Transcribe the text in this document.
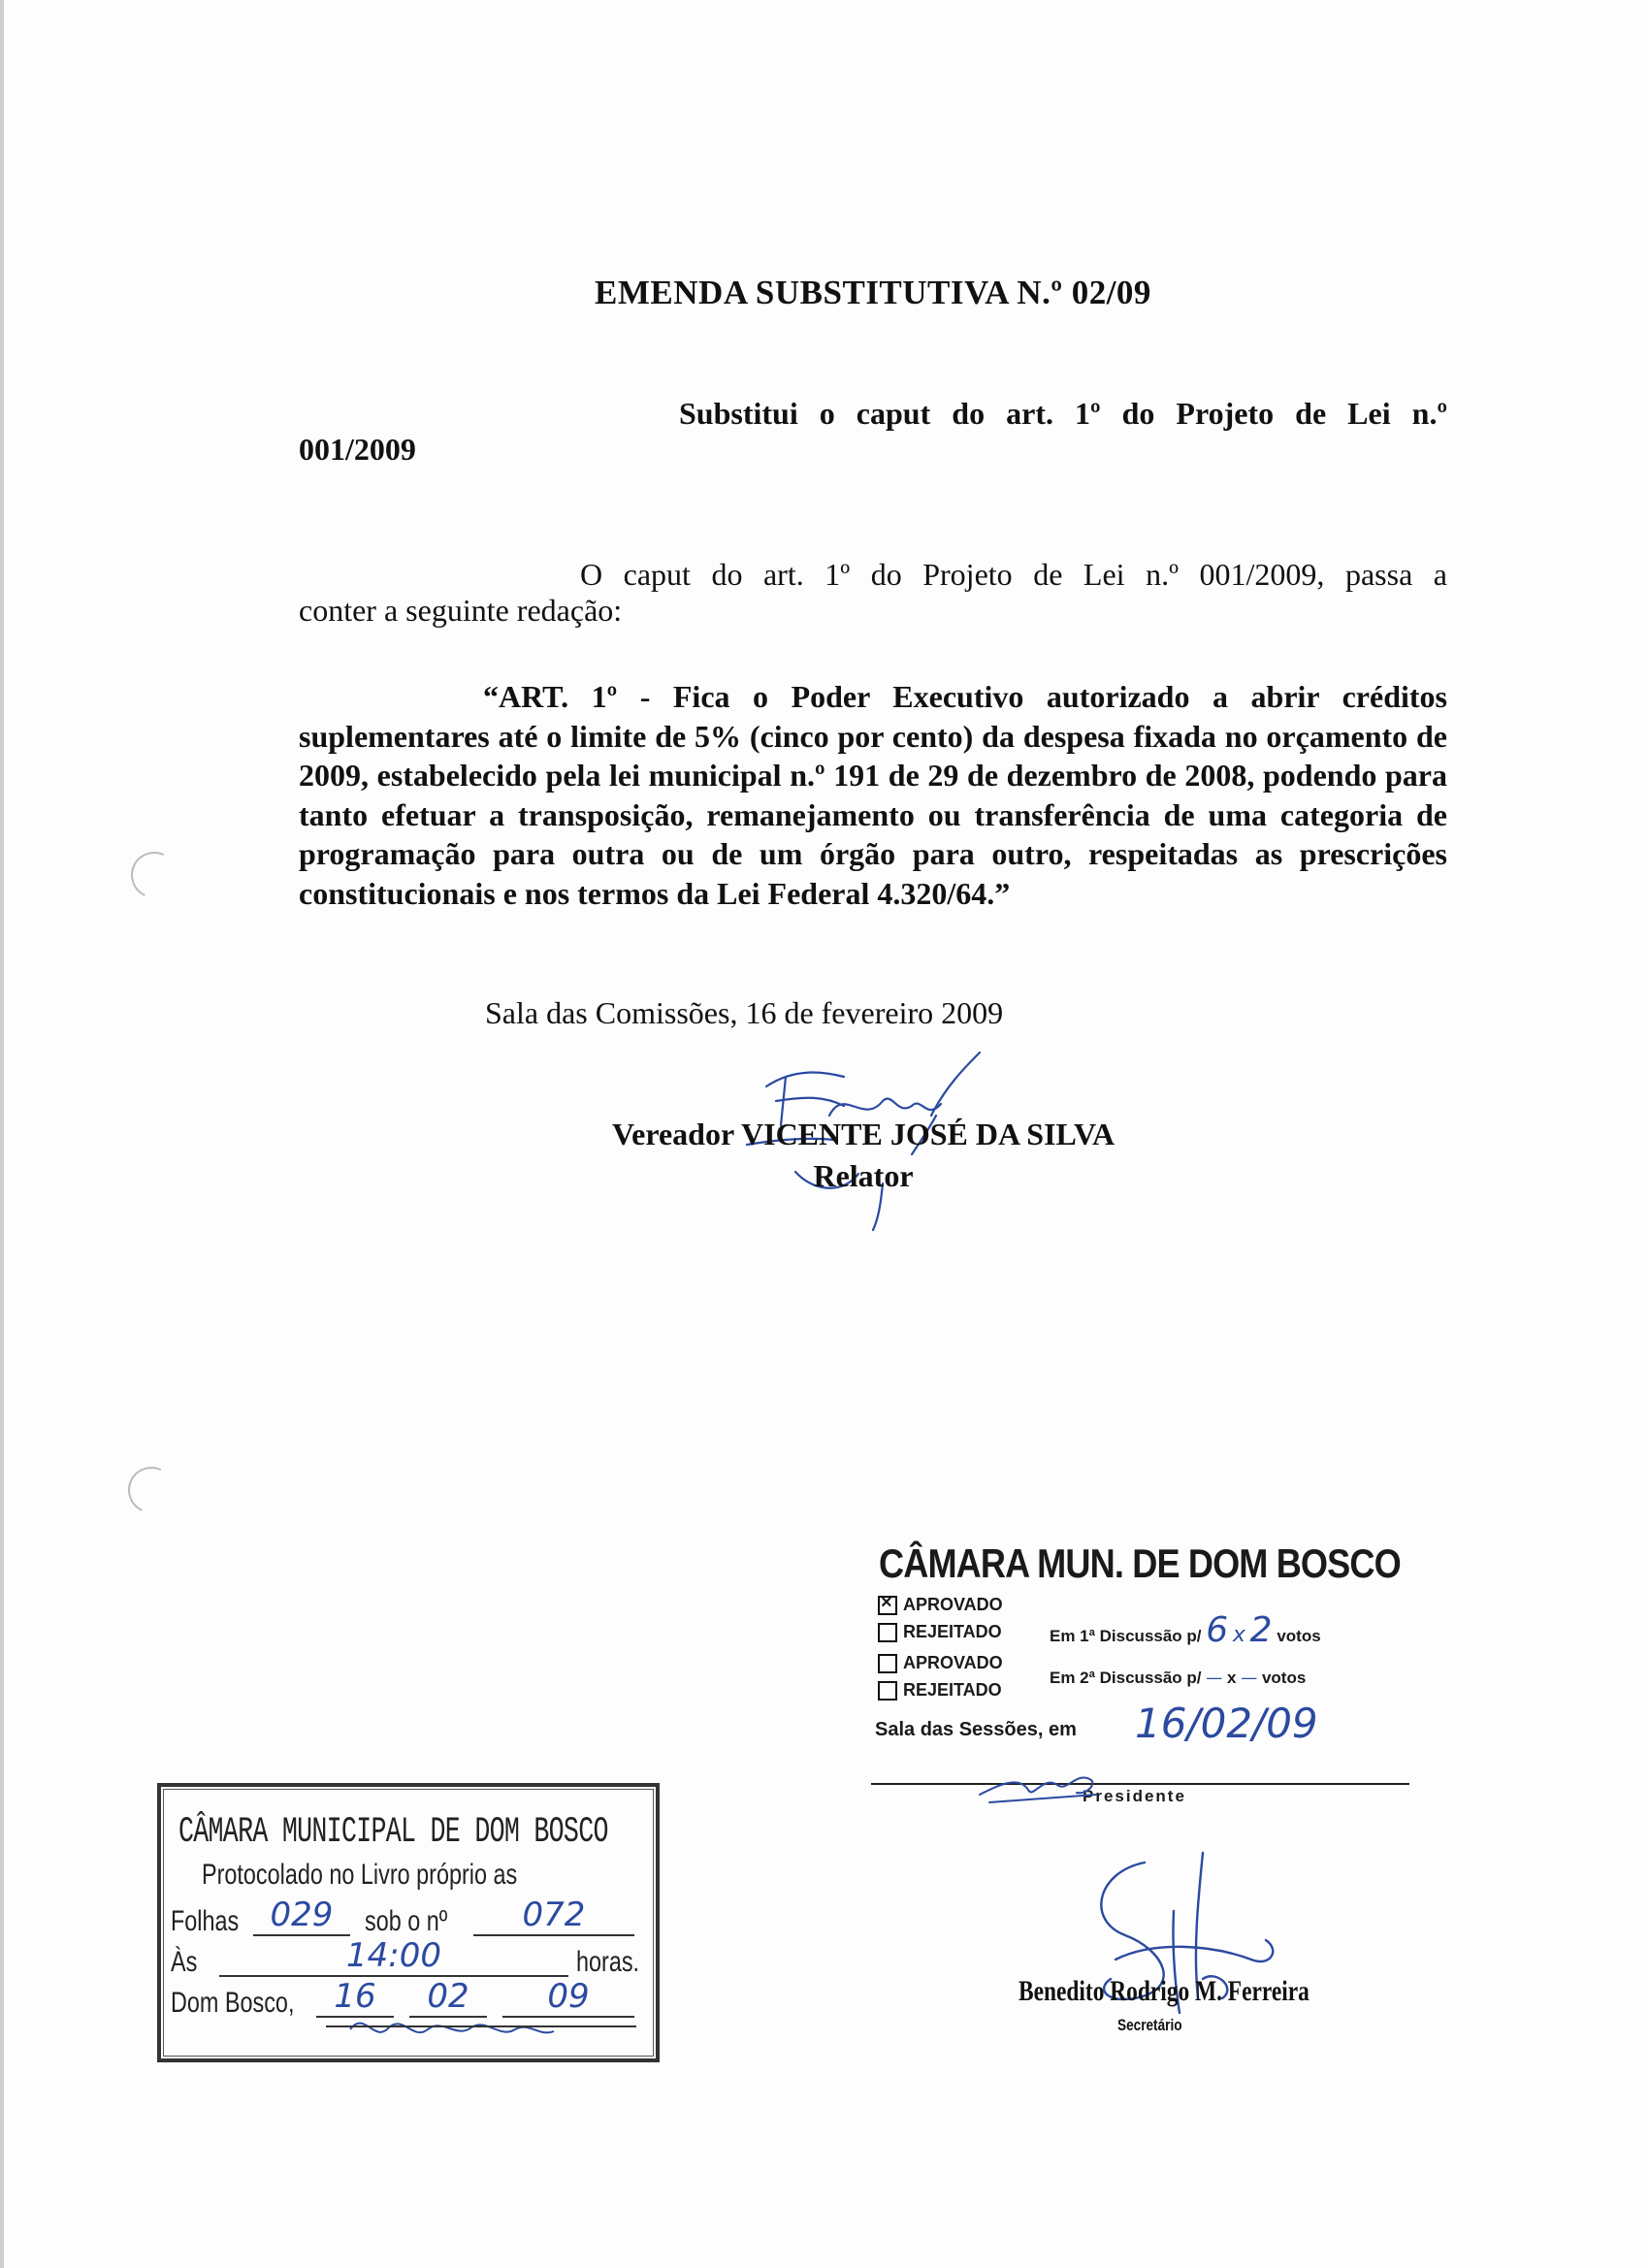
EMENDA SUBSTITUTIVA N.º 02/09
Substitui o caput do art. 1º do Projeto de Lei n.º
001/2009
O caput do art. 1º do Projeto de Lei n.º 001/2009, passa a
conter a seguinte redação:
“ART. 1º - Fica o Poder Executivo autorizado a abrir créditos suplementares até o limite de 5% (cinco por cento) da despesa fixada no orçamento de 2009, estabelecido pela lei municipal n.º 191 de 29 de dezembro de 2008, podendo para tanto efetuar a transposição, remanejamento ou transferência de uma categoria de programação para outra ou de um órgão para outro, respeitadas as prescrições constitucionais e nos termos da Lei Federal 4.320/64.”
Sala das Comissões, 16 de fevereiro 2009
Vereador VICENTE JOSÉ DA SILVA
Relator
CÂMARA MUN. DE DOM BOSCO
×APROVADO
REJEITADO	Em 1ª Discussão p/ 6 x 2 votos
APROVADO
REJEITADO
Em 2ª Discussão p/ — x — votos
Sala das Sessões, em 16/02/09
Presidente
Benedito Rodrigo M. Ferreira
Secretário
CÂMARA MUNICIPAL DE DOM BOSCO
Protocolado no Livro próprio as
Folhas 029	sob o nº	072
Às	14:00	horas.
Dom Bosco,	16	02	09
